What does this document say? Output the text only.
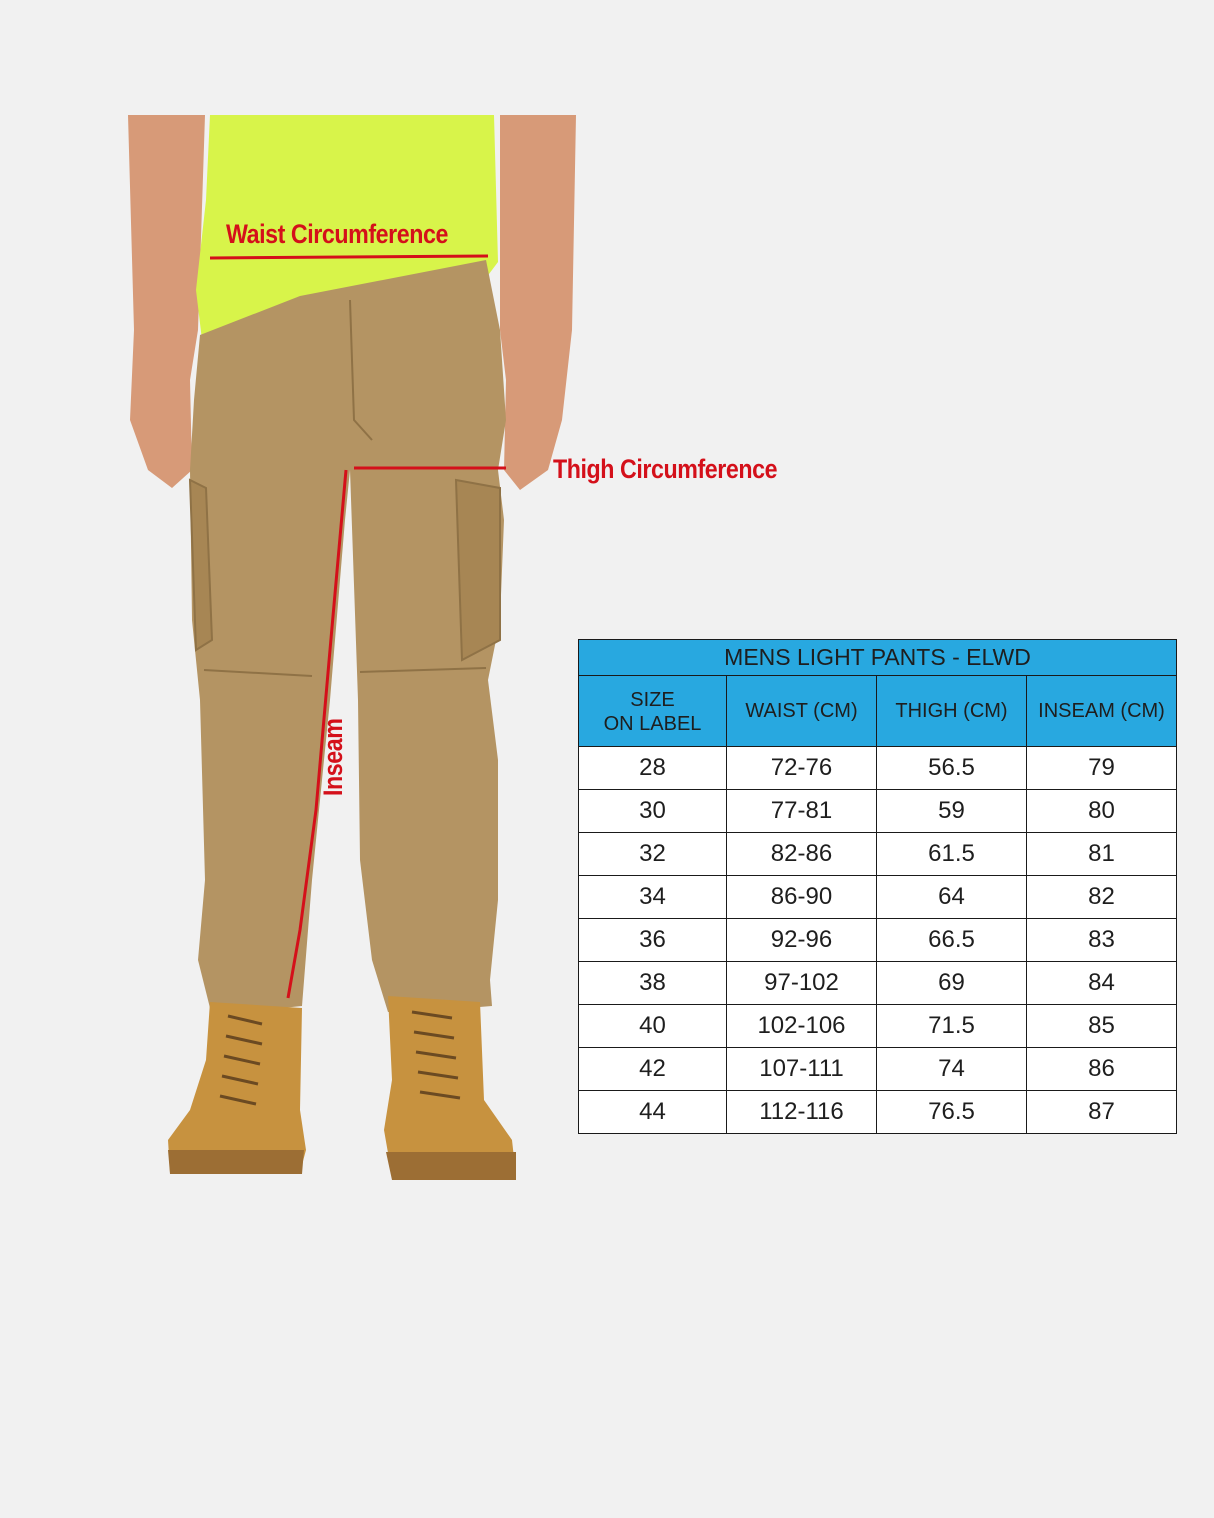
Waist Circumference
Thigh Circumference
Inseam
MENS LIGHT PANTS - ELWD			

SIZE
ON LABEL	WAIST (CM)	THIGH (CM)	INSEAM (CM)
28	72-76	56.5	79
30	77-81	59	80
32	82-86	61.5	81
34	86-90	64	82
36	92-96	66.5	83
38	97-102	69	84
40	102-106	71.5	85
42	107-111	74	86
44	112-116	76.5	87
